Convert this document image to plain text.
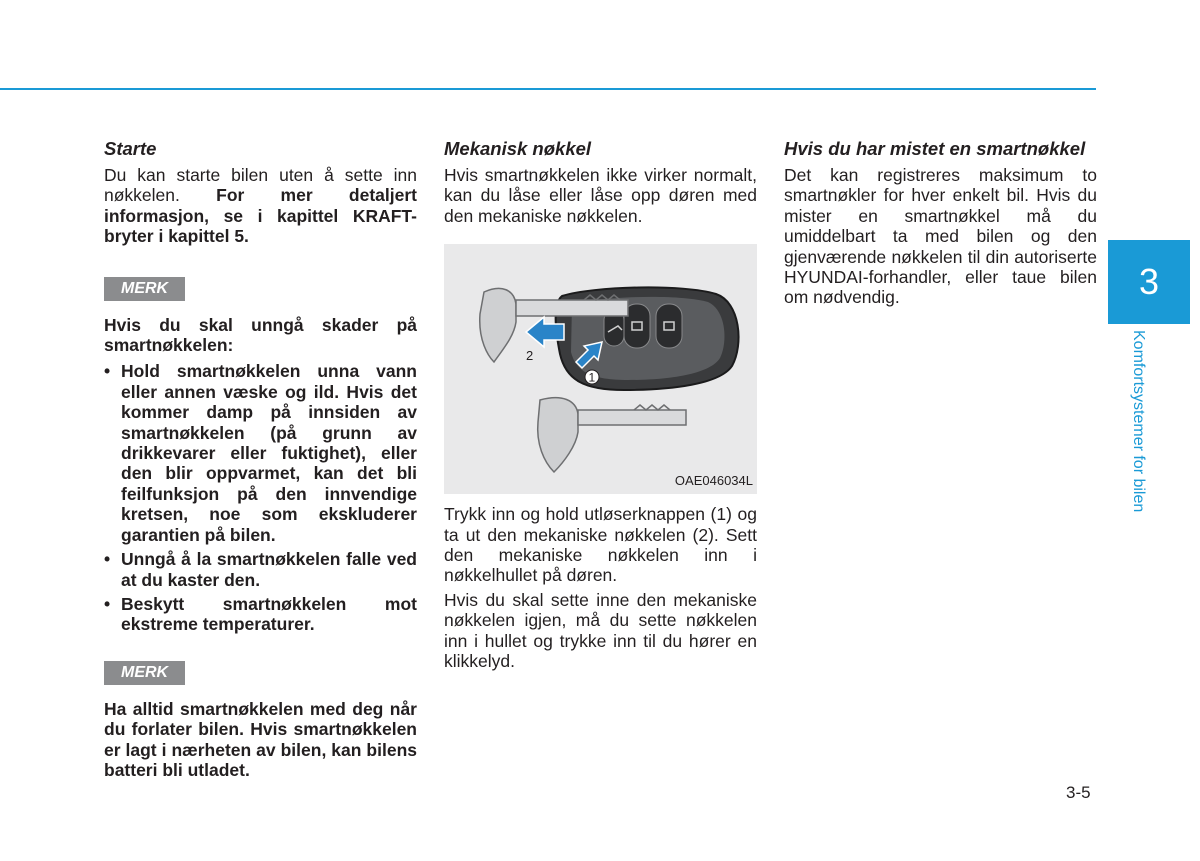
Starte

Du kan starte bilen uten å sette inn nøkkelen. For mer detaljert informasjon, se i kapittel KRAFT-bryter i kapittel 5.

MERK
Hvis du skal unngå skader på smartnøkkelen:
• Hold smartnøkkelen unna vann eller annen væske og ild. Hvis det kommer damp på innsiden av smartnøkkelen (på grunn av drikkevarer eller fuktighet), eller den blir oppvarmet, kan det bli feilfunksjon på den innvendige kretsen, noe som ekskluderer garantien på bilen.
• Unngå å la smartnøkkelen falle ved at du kaster den.
• Beskytt smartnøkkelen mot ekstreme temperaturer.
MERK
Ha alltid smartnøkkelen med deg når du forlater bilen. Hvis smartnøkkelen er lagt i nærheten av bilen, kan bilens batteri bli utladet.
Mekanisk nøkkel

Hvis smartnøkkelen ikke virker normalt, kan du låse eller låse opp døren med den mekaniske nøkkelen.

2
1
OAE046034L

Trykk inn og hold utløserknappen (1) og ta ut den mekaniske nøkkelen (2). Sett den mekaniske nøkkelen inn i nøkkelhullet på døren.

Hvis du skal sette inne den mekaniske nøkkelen igjen, må du sette nøkkelen inn i hullet og trykke inn til du hører en klikkelyd.

Hvis du har mistet en smartnøkkel

Det kan registreres maksimum to smartnøkler for hver enkelt bil. Hvis du mister en smartnøkkel må du umiddelbart ta med bilen og den gjenværende nøkkelen til din autoriserte HYUNDAI-forhandler, eller taue bilen om nødvendig.	3
Komfortsystemer for bilen
3-5
